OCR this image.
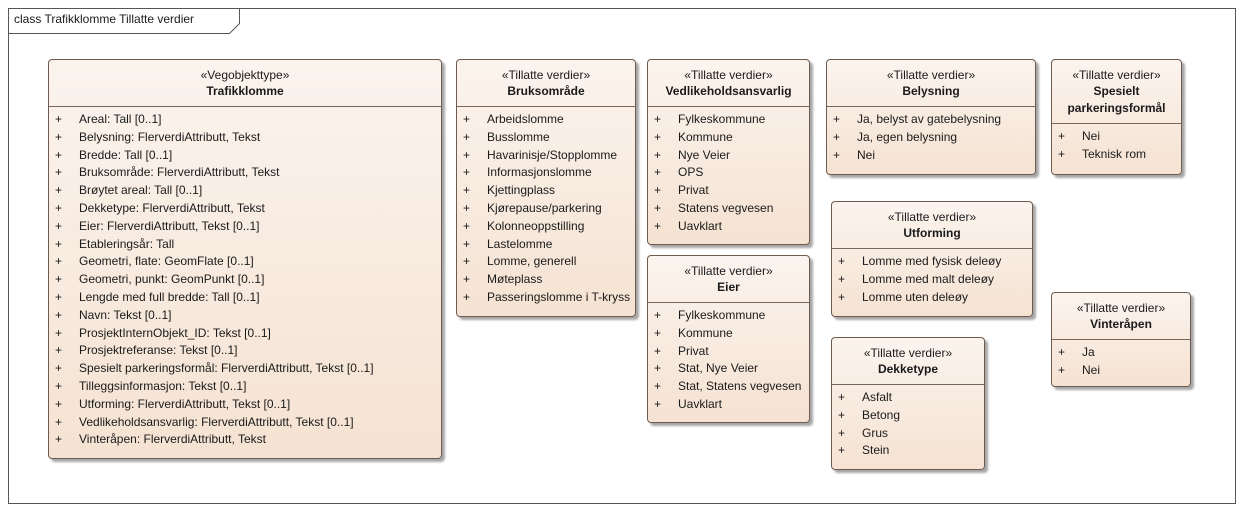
class Trafikklomme Tillatte verdier
«Vegobjekttype»
Trafikklomme
+ Areal: Tall [0..1]
+ Belysning: FlerverdiAttributt, Tekst
+ Bredde: Tall [0..1]
+ Bruksområde: FlerverdiAttributt, Tekst
+ Brøytet areal: Tall [0..1]
+ Dekketype: FlerverdiAttributt, Tekst
+ Eier: FlerverdiAttributt, Tekst [0..1]
+ Etableringsår: Tall
+ Geometri, flate: GeomFlate [0..1]
+ Geometri, punkt: GeomPunkt [0..1]
+ Lengde med full bredde: Tall [0..1]
+ Navn: Tekst [0..1]
+ ProsjektInternObjekt_ID: Tekst [0..1]
+ Prosjektreferanse: Tekst [0..1]
+ Spesielt parkeringsformål: FlerverdiAttributt, Tekst [0..1]
+ Tilleggsinformasjon: Tekst [0..1]
+ Utforming: FlerverdiAttributt, Tekst [0..1]
+ Vedlikeholdsansvarlig: FlerverdiAttributt, Tekst [0..1]
+ Vinteråpen: FlerverdiAttributt, Tekst
«Tillatte verdier»
Bruksområde
+ Arbeidslomme
+ Busslomme
+ Havarinisje/Stopplomme
+ Informasjonslomme
+ Kjettingplass
+ Kjørepause/parkering
+ Kolonneoppstilling
+ Lastelomme
+ Lomme, generell
+ Møteplass
+ Passeringslomme i T-kryss
«Tillatte verdier»
Vedlikeholdsansvarlig
+ Fylkeskommune
+ Kommune
+ Nye Veier
+ OPS
+ Privat
+ Statens vegvesen
+ Uavklart
«Tillatte verdier»
Eier
+ Fylkeskommune
+ Kommune
+ Privat
+ Stat, Nye Veier
+ Stat, Statens vegvesen
+ Uavklart
«Tillatte verdier»
Belysning
+ Ja, belyst av gatebelysning
+ Ja, egen belysning
+ Nei
«Tillatte verdier»
Utforming
+ Lomme med fysisk deleøy
+ Lomme med malt deleøy
+ Lomme uten deleøy
«Tillatte verdier»
Dekketype
+ Asfalt
+ Betong
+ Grus
+ Stein
«Tillatte verdier»
Spesielt
parkeringsformål
+ Nei
+ Teknisk rom
«Tillatte verdier»
Vinteråpen
+ Ja
+ Nei
